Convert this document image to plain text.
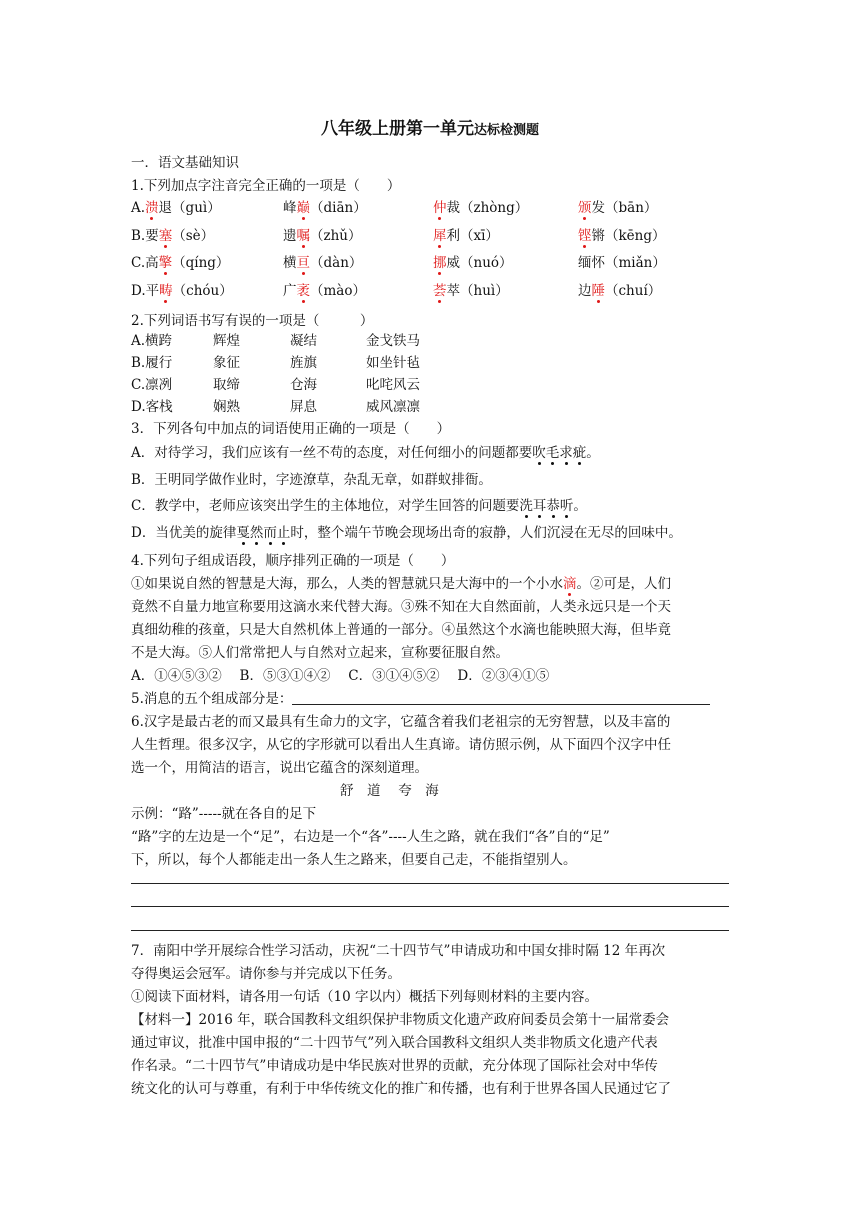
八年级上册第一单元达标检测题
一．语文基础知识
1.下列加点字注音完全正确的一项是（　　）
A.溃退（guì）	峰巅（diān）	仲裁（zhòng）	颁发（bān）
B.要塞（sè）	遗嘱（zhǔ）	犀利（xī）	铿锵（kēng）
C.高擎（qíng）	横亘（dàn）	挪威（nuó）	缅怀（miǎn）
D.平畴（chóu）	广袤（mào）	荟萃（huì）	边陲（chuí）
2.下列词语书写有误的一项是（　　　）
A.横跨	辉煌	凝结	金戈铁马
B.履行	象征	旌旗	如坐针毡
C.凛冽	取缔	仓海	叱咤风云
D.客栈	娴熟	屏息	威风凛凛
3．下列各句中加点的词语使用正确的一项是（　　）
A．对待学习，我们应该有一丝不苟的态度，对任何细小的问题都要吹毛求疵。
B．王明同学做作业时，字迹潦草，杂乱无章，如群蚁排衙。
C．教学中，老师应该突出学生的主体地位，对学生回答的问题要洗耳恭听。
D．当优美的旋律戛然而止时，整个端午节晚会现场出奇的寂静，人们沉浸在无尽的回味中。
4.下列句子组成语段，顺序排列正确的一项是（　　）
①如果说自然的智慧是大海，那么，人类的智慧就只是大海中的一个小水滴。②可是，人们
竟然不自量力地宣称要用这滴水来代替大海。③殊不知在大自然面前，人类永远只是一个天
真细幼稚的孩童，只是大自然机体上普通的一部分。④虽然这个水滴也能映照大海，但毕竟
不是大海。⑤人们常常把人与自然对立起来，宣称要征服自然。
A．①④⑤③②　 B．⑤③①④②　 C．③①④⑤②　 D．②③④①⑤
5.消息的五个组成部分是：
6.汉字是最古老的而又最具有生命力的文字，它蕴含着我们老祖宗的无穷智慧，以及丰富的
人生哲理。很多汉字，从它的字形就可以看出人生真谛。请仿照示例，从下面四个汉字中任
选一个，用简洁的语言，说出它蕴含的深刻道理。
舒　道　 夸　海
示例：“路”-----就在各自的足下
“路”字的左边是一个“足”，右边是一个“各”----人生之路，就在我们“各”自的“足”
下，所以，每个人都能走出一条人生之路来，但要自己走，不能指望别人。
7．南阳中学开展综合性学习活动，庆祝“二十四节气”申请成功和中国女排时隔 12 年再次
夺得奥运会冠军。请你参与并完成以下任务。
①阅读下面材料，请各用一句话（10 字以内）概括下列每则材料的主要内容。
【材料一】2016 年，联合国教科文组织保护非物质文化遗产政府间委员会第十一届常委会
通过审议，批准中国申报的“二十四节气”列入联合国教科文组织人类非物质文化遗产代表
作名录。“二十四节气”申请成功是中华民族对世界的贡献，充分体现了国际社会对中华传
统文化的认可与尊重，有利于中华传统文化的推广和传播，也有利于世界各国人民通过它了
